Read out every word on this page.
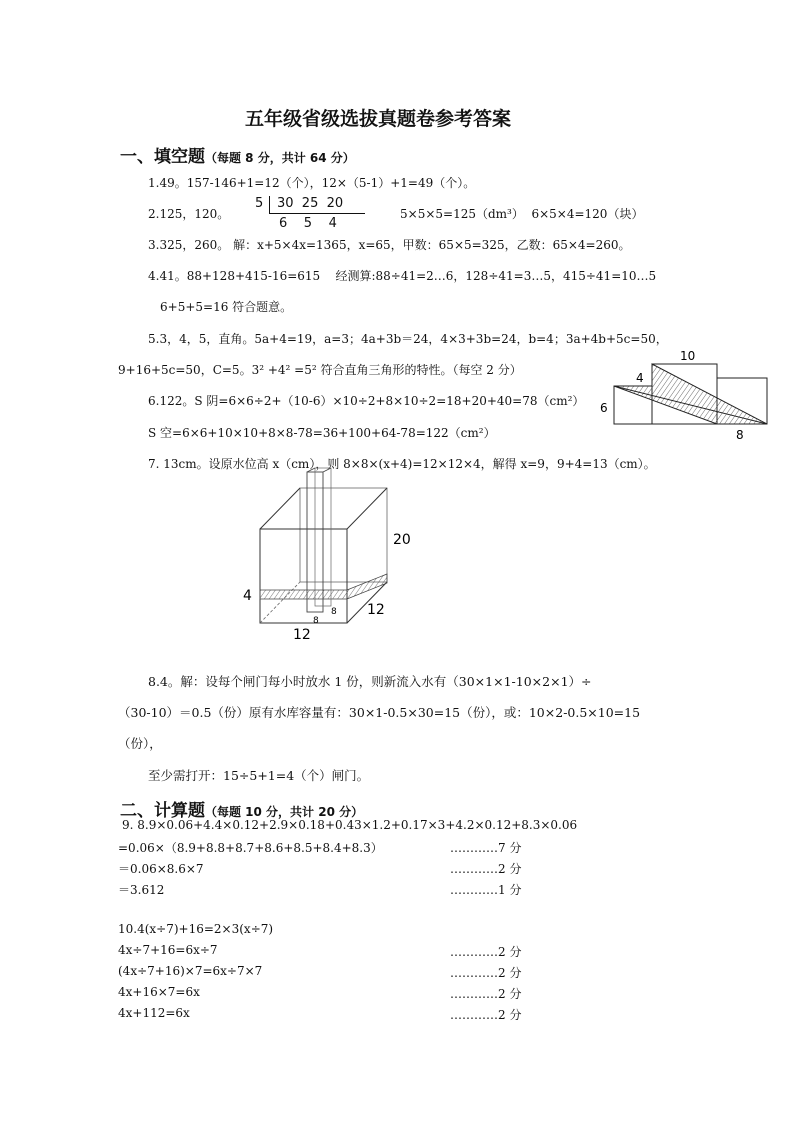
五年级省级选拔真题卷参考答案
一、填空题（每题 8 分，共计 64 分）
1.49。157-146+1=12（个），12×（5-1）+1=49（个）。
2.125，120。
5 30  25  20
6    5    4
5×5×5=125（dm³）  6×5×4=120（块）
3.325，260。 解：x+5×4x=1365，x=65，甲数：65×5=325，乙数：65×4=260。
4.41。88+128+415-16=615    经测算:88÷41=2…6，128÷41=3…5，415÷41=10…5
6+5+5=16 符合题意。
5.3，4，5，直角。5a+4=19，a=3；4a+3b＝24，4×3+3b=24，b=4；3a+4b+5c=50，
9+16+5c=50，C=5。3² +4² =5² 符合直角三角形的特性。（每空 2 分）
6.122。S 阴=6×6÷2+（10-6）×10÷2+8×10÷2=18+20+40=78（cm²）
S 空=6×6+10×10+8×8-78=36+100+64-78=122（cm²）
10
4
6
8
7. 13cm。设原水位高 x（cm），则 8×8×(x+4)=12×12×4，解得 x=9，9+4=13（cm）。
20
4
8
8 12
12
8.4。解：设每个闸门每小时放水 1 份，则新流入水有（30×1×1-10×2×1）÷
（30-10）＝0.5（份）原有水库容量有：30×1-0.5×30=15（份），或：10×2-0.5×10=15
（份），
至少需打开：15÷5+1=4（个）闸门。
二、计算题（每题 10 分，共计 20 分）
9. 8.9×0.06+4.4×0.12+2.9×0.18+0.43×1.2+0.17×3+4.2×0.12+8.3×0.06
=0.06×（8.9+8.8+8.7+8.6+8.5+8.4+8.3）	…………7 分
＝0.06×8.6×7	…………2 分
＝3.612	…………1 分
10.4(x÷7)+16=2×3(x÷7)
4x÷7+16=6x÷7	…………2 分
(4x÷7+16)×7=6x÷7×7	…………2 分
4x+16×7=6x	…………2 分
4x+112=6x	…………2 分
